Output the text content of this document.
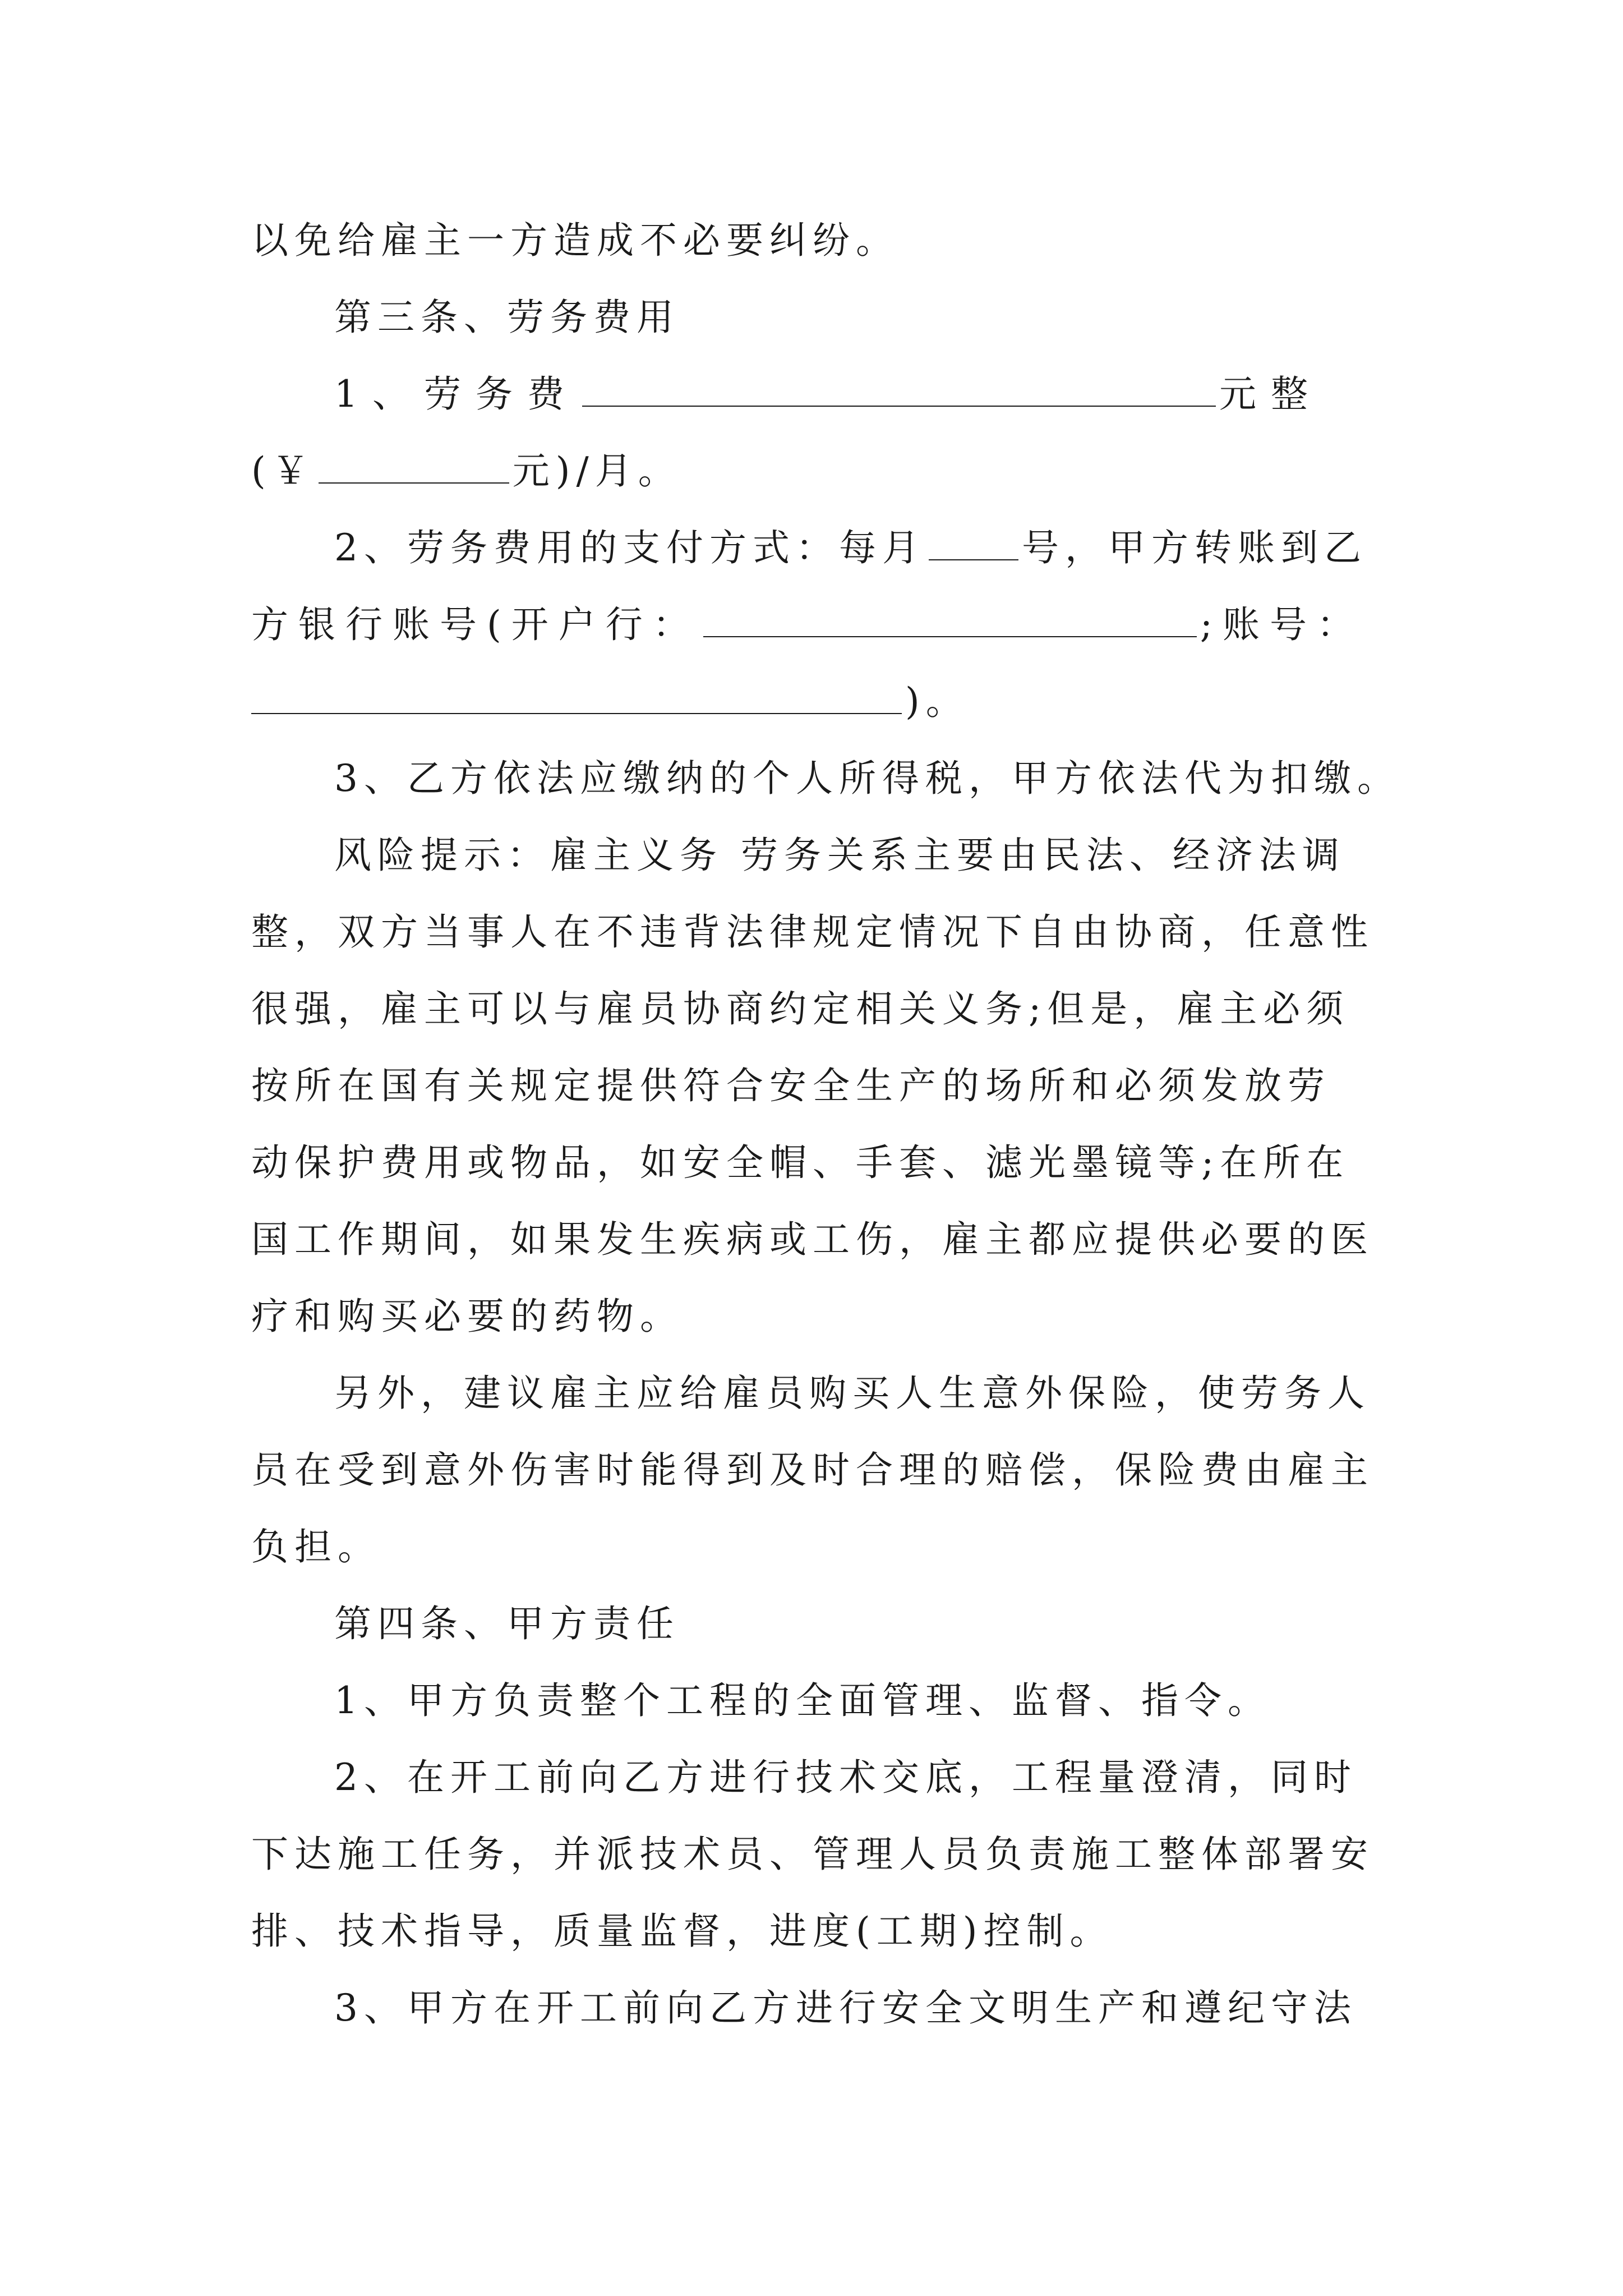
以免给雇主一方造成不必要纠纷。
第三条、劳务费用
1、劳务费	元整
(￥	元)/月。
2、劳务费用的支付方式：每月	号，甲方转账到乙
方银行账号(开户行：	;账号：
)。
3、乙方依法应缴纳的个人所得税，甲方依法代为扣缴。
风险提示：雇主义务 劳务关系主要由民法、经济法调
整，双方当事人在不违背法律规定情况下自由协商，任意性
很强，雇主可以与雇员协商约定相关义务;但是，雇主必须
按所在国有关规定提供符合安全生产的场所和必须发放劳
动保护费用或物品，如安全帽、手套、滤光墨镜等;在所在
国工作期间，如果发生疾病或工伤，雇主都应提供必要的医
疗和购买必要的药物。
另外，建议雇主应给雇员购买人生意外保险，使劳务人
员在受到意外伤害时能得到及时合理的赔偿，保险费由雇主
负担。
第四条、甲方责任
1、甲方负责整个工程的全面管理、监督、指令。
2、在开工前向乙方进行技术交底，工程量澄清，同时
下达施工任务，并派技术员、管理人员负责施工整体部署安
排、技术指导，质量监督，进度(工期)控制。
3、甲方在开工前向乙方进行安全文明生产和遵纪守法
